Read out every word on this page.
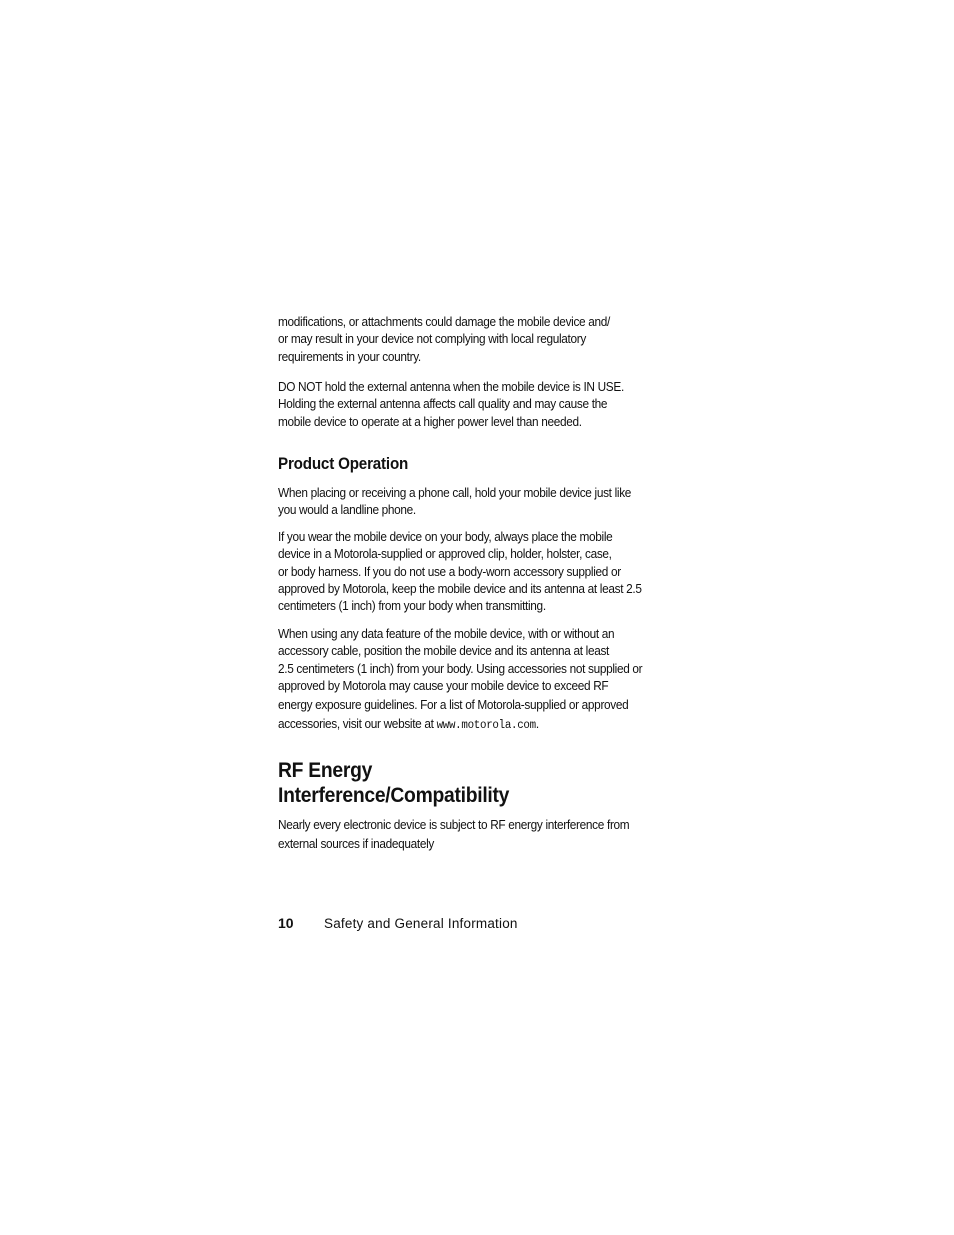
modifications, or attachments could damage the mobile device and/
or may result in your device not complying with local regulatory
requirements in your country.

DO NOT hold the external antenna when the mobile device is IN USE.
Holding the external antenna affects call quality and may cause the
mobile device to operate at a higher power level than needed.

Product Operation

When placing or receiving a phone call, hold your mobile device just like
you would a landline phone.

If you wear the mobile device on your body, always place the mobile
device in a Motorola-supplied or approved clip, holder, holster, case,
or body harness. If you do not use a body-worn accessory supplied or
approved by Motorola, keep the mobile device and its antenna at least 2.5
centimeters (1 inch) from your body when transmitting.

When using any data feature of the mobile device, with or without an
accessory cable, position the mobile device and its antenna at least
2.5 centimeters (1 inch) from your body. Using accessories not supplied or
approved by Motorola may cause your mobile device to exceed RF
energy exposure guidelines. For a list of Motorola-supplied or approved
accessories, visit our website at www.motorola.com.

RF Energy
Interference/Compatibility

Nearly every electronic device is subject to RF energy interference from
external sources if inadequately

10 Safety and General Information
